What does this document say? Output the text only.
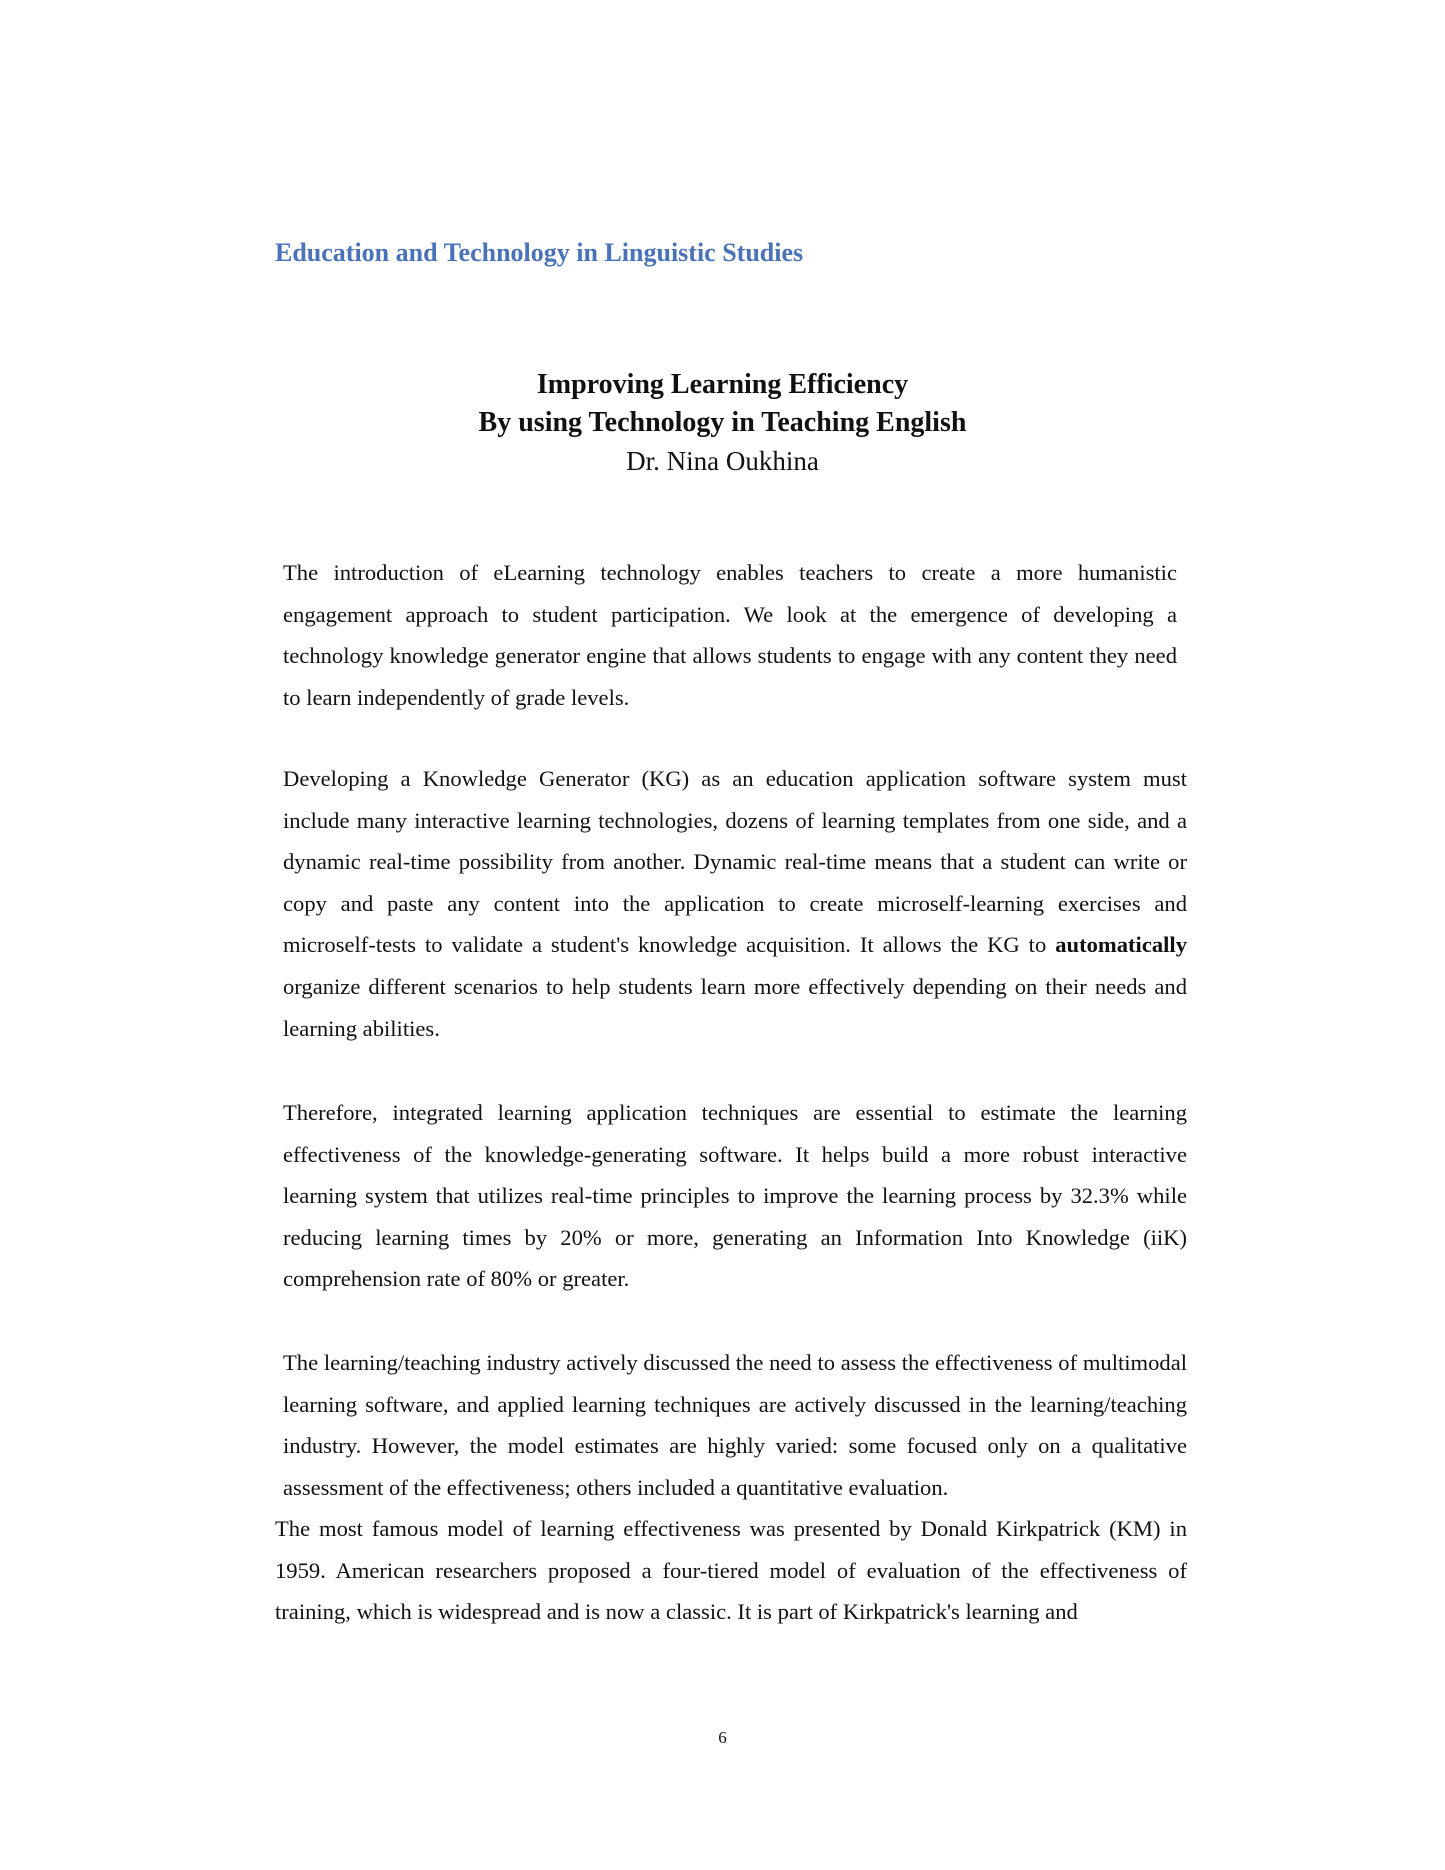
Education and Technology in Linguistic Studies

Improving Learning Efficiency

By using Technology in Teaching English

Dr. Nina Oukhina

The introduction of eLearning technology enables teachers to create a more humanistic engagement approach to student participation. We look at the emergence of developing a technology knowledge generator engine that allows students to engage with any content they need to learn independently of grade levels.

Developing a Knowledge Generator (KG) as an education application software system must include many interactive learning technologies, dozens of learning templates from one side, and a dynamic real-time possibility from another. Dynamic real-time means that a student can write or copy and paste any content into the application to create microself-learning exercises and microself-tests to validate a student's knowledge acquisition. It allows the KG to automatically organize different scenarios to help students learn more effectively depending on their needs and learning abilities.

Therefore, integrated learning application techniques are essential to estimate the learning effectiveness of the knowledge-generating software. It helps build a more robust interactive learning system that utilizes real-time principles to improve the learning process by 32.3% while reducing learning times by 20% or more, generating an Information Into Knowledge (iiK) comprehension rate of 80% or greater.

The learning/teaching industry actively discussed the need to assess the effectiveness of multimodal learning software, and applied learning techniques are actively discussed in the learning/teaching industry. However, the model estimates are highly varied: some focused only on a qualitative assessment of the effectiveness; others included a quantitative evaluation.

The most famous model of learning effectiveness was presented by Donald Kirkpatrick (KM) in 1959. American researchers proposed a four-tiered model of evaluation of the effectiveness of training, which is widespread and is now a classic. It is part of Kirkpatrick's learning and

6
